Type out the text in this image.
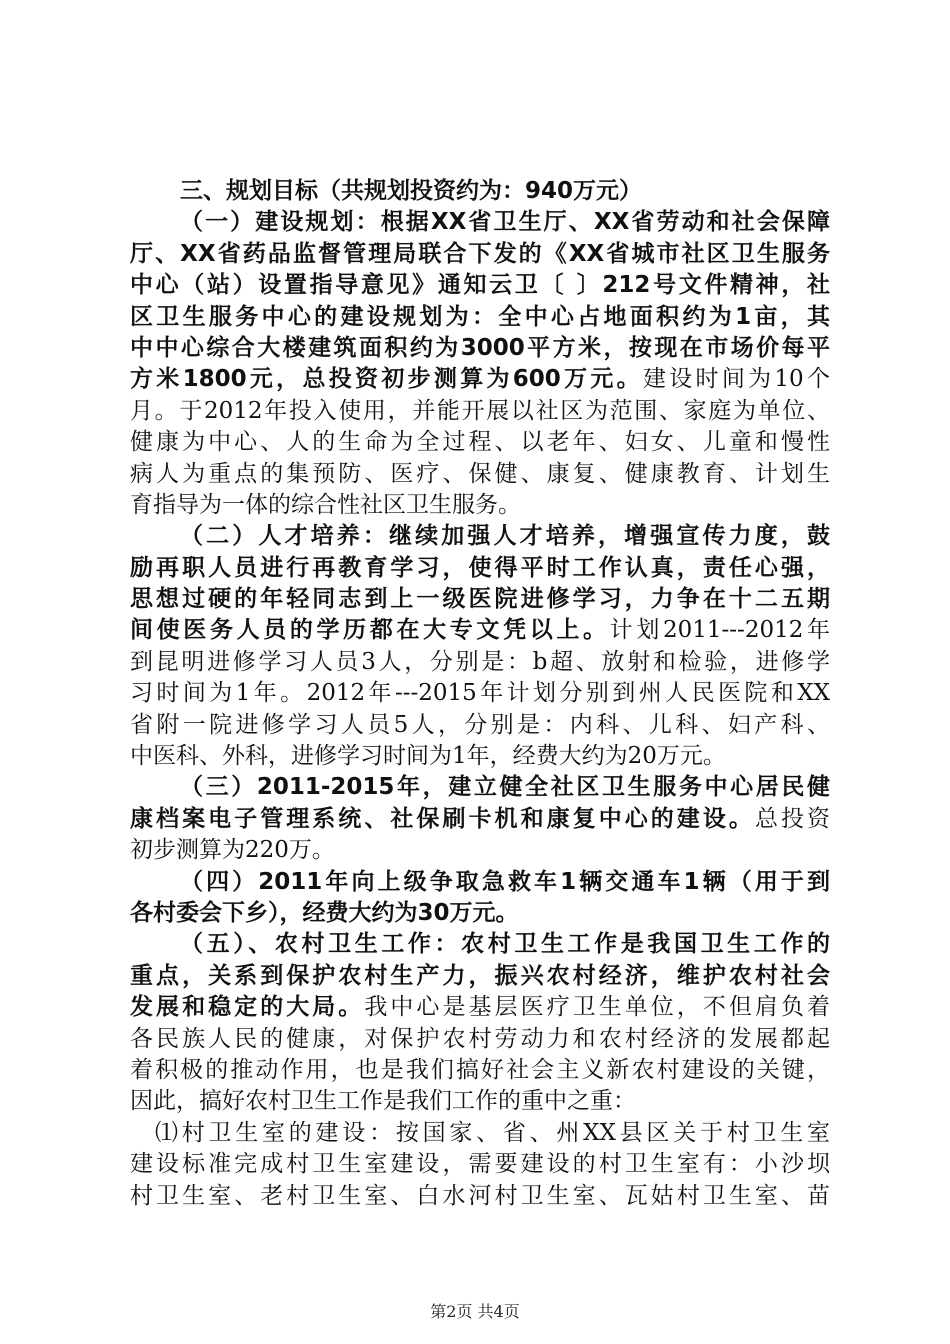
三、规划目标（共规划投资约为：940万元）
（一）建设规划：根据XX省卫生厅、XX省劳动和社会保障
厅、XX省药品监督管理局联合下发的《XX省城市社区卫生服务
中心（站）设置指导意见》通知云卫〔 〕212号文件精神，社
区卫生服务中心的建设规划为：全中心占地面积约为1亩，其
中中心综合大楼建筑面积约为3000平方米，按现在市场价每平
方米1800元，总投资初步测算为600万元。建设时间为10个
月。于2012年投入使用，并能开展以社区为范围、家庭为单位、
健康为中心、人的生命为全过程、以老年、妇女、儿童和慢性
病人为重点的集预防、医疗、保健、康复、健康教育、计划生
育指导为一体的综合性社区卫生服务。
（二）人才培养：继续加强人才培养，增强宣传力度，鼓
励再职人员进行再教育学习，使得平时工作认真，责任心强，
思想过硬的年轻同志到上一级医院进修学习，力争在十二五期
间使医务人员的学历都在大专文凭以上。计划2011---2012年
到昆明进修学习人员3人，分别是：b超、放射和检验，进修学
习时间为1年。2012年---2015年计划分别到州人民医院和XX
省附一院进修学习人员5人，分别是：内科、儿科、妇产科、
中医科、外科，进修学习时间为1年，经费大约为20万元。
（三）2011-2015年，建立健全社区卫生服务中心居民健
康档案电子管理系统、社保刷卡机和康复中心的建设。总投资
初步测算为220万。
（四）2011年向上级争取急救车1辆交通车1辆（用于到
各村委会下乡），经费大约为30万元。
（五）、农村卫生工作：农村卫生工作是我国卫生工作的
重点，关系到保护农村生产力，振兴农村经济，维护农村社会
发展和稳定的大局。我中心是基层医疗卫生单位，不但肩负着
各民族人民的健康，对保护农村劳动力和农村经济的发展都起
着积极的推动作用，也是我们搞好社会主义新农村建设的关键，
因此，搞好农村卫生工作是我们工作的重中之重：
⑴村卫生室的建设：按国家、省、州XX县区关于村卫生室
建设标准完成村卫生室建设，需要建设的村卫生室有：小沙坝
村卫生室、老村卫生室、白水河村卫生室、瓦姑村卫生室、苗
第2页 共4页
